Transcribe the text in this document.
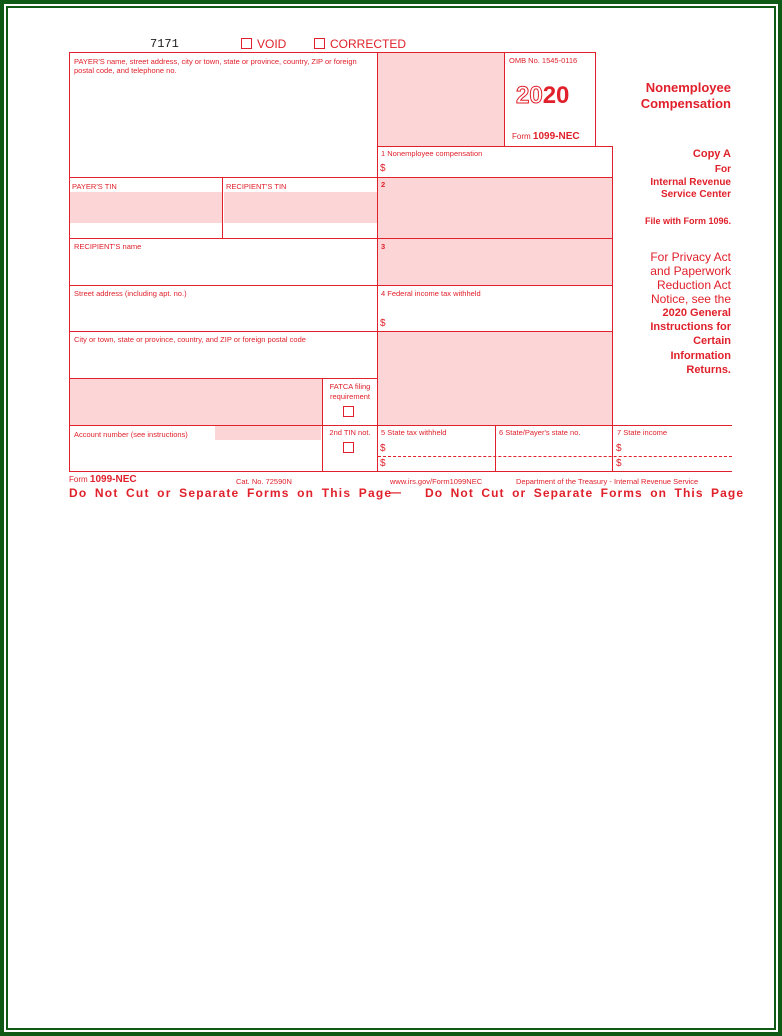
7171	VOID	CORRECTED
PAYER'S name, street address, city or town, state or province, country, ZIP or foreign postal code, and telephone no.
PAYER'S TIN	RECIPIENT'S TIN
RECIPIENT'S name
Street address (including apt. no.)
City or town, state or province, country, and ZIP or foreign postal code
Account number (see instructions)
FATCA filing
requirement
2nd TIN not.
OMB No. 1545-0116
2020
Form 1099-NEC
Nonemployee
Compensation
1 Nonemployee compensation
$
2
3
4 Federal income tax withheld
$
5 State tax withheld
$
$
6 State/Payer's state no.	7 State income
$
$
Copy A
For
Internal Revenue
Service Center
File with Form 1096.
For Privacy Act
and Paperwork
Reduction Act
Notice, see the
2020 General
Instructions for
Certain
Information
Returns.
Form 1099-NEC	Cat. No. 72590N	www.irs.gov/Form1099NEC	Department of the Treasury - Internal Revenue Service
Do Not Cut or Separate Forms on This Page
— Do Not Cut or Separate Forms on This Page
